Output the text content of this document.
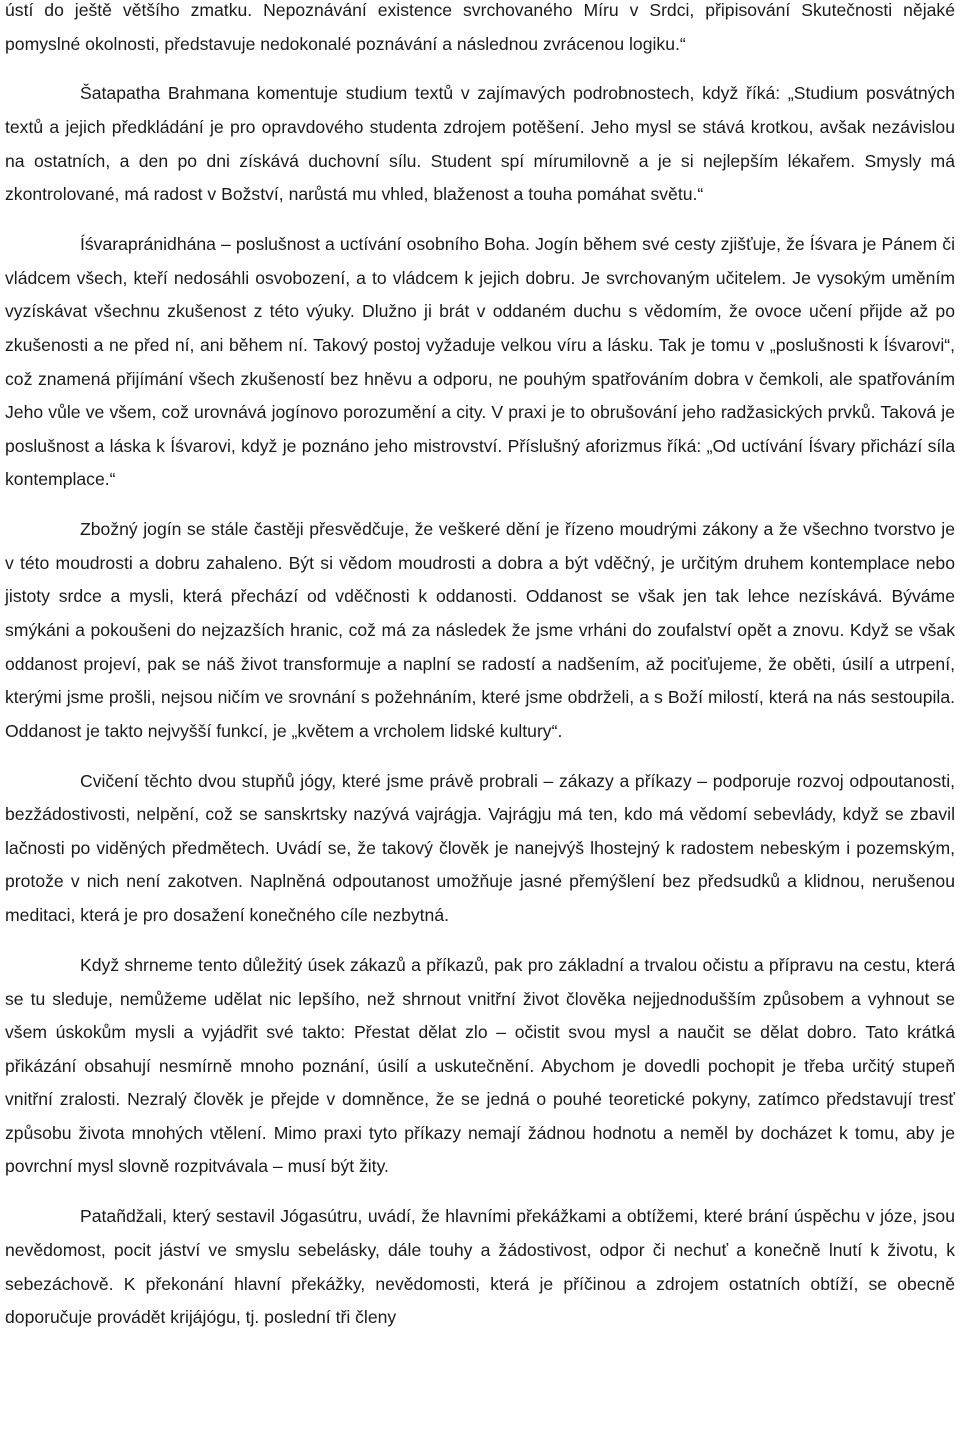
ústí do ještě většího zmatku. Nepoznávání existence svrchovaného Míru v Srdci, připisování Skutečnosti nějaké pomyslné okolnosti, představuje nedokonalé poznávání a následnou zvrácenou logiku.“

Šatapatha Brahmana komentuje studium textů v zajímavých podrobnostech, když říká: „Studium posvátných textů a jejich předkládání je pro opravdového studenta zdrojem potěšení. Jeho mysl se stává krotkou, avšak nezávislou na ostatních, a den po dni získává duchovní sílu. Student spí mírumilovně a je si nejlepším lékařem. Smysly má zkontrolované, má radost v Božství, narůstá mu vhled, blaženost a touha pomáhat světu.“

Íśvarapránidhána – poslušnost a uctívání osobního Boha. Jogín během své cesty zjišťuje, že Íśvara je Pánem či vládcem všech, kteří nedosáhli osvobození, a to vládcem k jejich dobru. Je svrchovaným učitelem. Je vysokým uměním vyzískávat všechnu zkušenost z této výuky. Dlužno ji brát v oddaném duchu s vědomím, že ovoce učení přijde až po zkušenosti a ne před ní, ani během ní. Takový postoj vyžaduje velkou víru a lásku. Tak je tomu v „poslušnosti k Íśvarovi“, což znamená přijímání všech zkušeností bez hněvu a odporu, ne pouhým spatřováním dobra v čemkoli, ale spatřováním Jeho vůle ve všem, což urovnává jogínovo porozumění a city. V praxi je to obrušování jeho radžasických prvků. Taková je poslušnost a láska k Íśvarovi, když je poznáno jeho mistrovství. Příslušný aforizmus říká: „Od uctívání Íśvary přichází síla kontemplace.“

Zbožný jogín se stále častěji přesvědčuje, že veškeré dění je řízeno moudrými zákony a že všechno tvorstvo je v této moudrosti a dobru zahaleno. Být si vědom moudrosti a dobra a být vděčný, je určitým druhem kontemplace nebo jistoty srdce a mysli, která přechází od vděčnosti k oddanosti. Oddanost se však jen tak lehce nezískává. Býváme smýkáni a pokoušeni do nejzazších hranic, což má za následek že jsme vrháni do zoufalství opět a znovu. Když se však oddanost projeví, pak se náš život transformuje a naplní se radostí a nadšením, až pociťujeme, že oběti, úsilí a utrpení, kterými jsme prošli, nejsou ničím ve srovnání s požehnáním, které jsme obdrželi, a s Boží milostí, která na nás sestoupila. Oddanost je takto nejvyšší funkcí, je „květem a vrcholem lidské kultury“.

Cvičení těchto dvou stupňů jógy, které jsme právě probrali – zákazy a příkazy – podporuje rozvoj odpoutanosti, bezžádostivosti, nelpění, což se sanskrtsky nazývá vajrágja. Vajrágju má ten, kdo má vědomí sebevlády, když se zbavil lačnosti po viděných předmětech. Uvádí se, že takový člověk je nanejvýš lhostejný k radostem nebeským i pozemským, protože v nich není zakotven. Naplněná odpoutanost umožňuje jasné přemýšlení bez předsudků a klidnou, nerušenou meditaci, která je pro dosažení konečného cíle nezbytná.

Když shrneme tento důležitý úsek zákazů a příkazů, pak pro základní a trvalou očistu a přípravu na cestu, která se tu sleduje, nemůžeme udělat nic lepšího, než shrnout vnitřní život člověka nejjednodušším způsobem a vyhnout se všem úskokům mysli a vyjádřit své takto: Přestat dělat zlo – očistit svou mysl a naučit se dělat dobro. Tato krátká přikázání obsahují nesmírně mnoho poznání, úsilí a uskutečnění. Abychom je dovedli pochopit je třeba určitý stupeň vnitřní zralosti. Nezralý člověk je přejde v domněnce, že se jedná o pouhé teoretické pokyny, zatímco představují tresť způsobu života mnohých vtělení. Mimo praxi tyto příkazy nemají žádnou hodnotu a neměl by docházet k tomu, aby je povrchní mysl slovně rozpitvávala – musí být žity.

Patañdžali, který sestavil Jógasútru, uvádí, že hlavními překážkami a obtížemi, které brání úspěchu v józe, jsou nevědomost, pocit jáství ve smyslu sebelásky, dále touhy a žádostivost, odpor či nechuť a konečně lnutí k životu, k sebezáchově. K překonání hlavní překážky, nevědomosti, která je příčinou a zdrojem ostatních obtíží, se obecně doporučuje provádět krijájógu, tj. poslední tři členy
